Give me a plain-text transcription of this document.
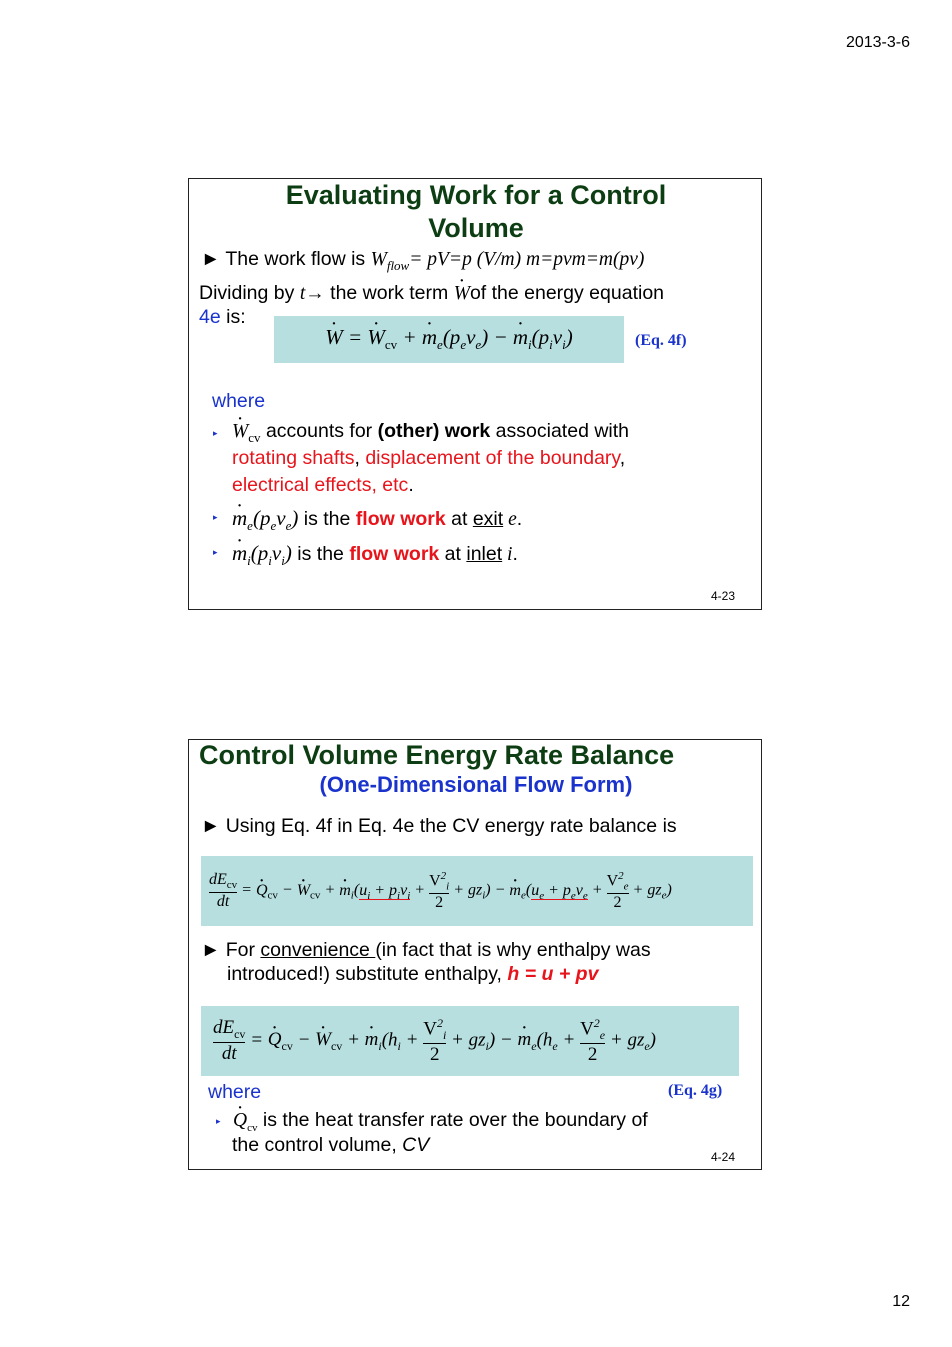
2013-3-6
Evaluating Work for a Control Volume
► The work flow is $W_{flow}= pV=p$ (V/m) m=pvm=m(pv)
Dividing by t→ the work term · Wof the energy equation
4e is:
· W = · $W_{cv}$ + · $m_e(p_ev_e)$ − · $m_i(p_iv_i)$	(Eq. 4f)
where
▸ · $W_{cv}$ accounts for (other) work associated with
rotating shafts, displacement of the boundary,
electrical effects, etc.
▸ · $m_e(p_ev_e)$ is the flow work at exit e.
▸ · $m_i(p_iv_i)$ is the flow work at inlet i.
4-23
Control Volume Energy Rate Balance
(One-Dimensional Flow Form)
► Using Eq. 4f in Eq. 4e the CV energy rate balance is
$dE_{cv}$
dt
= · $Q_{cv}$ − · $W_{cv}$ + · $m_i(u_i + p_iv_i + \frac{V^2_i}{2} + gz_i)$ − · $m_e(u_e + p_ev_e + \frac{V^2_e}{2} + gz_e)$
► For convenience (in fact that is why enthalpy was
introduced!) substitute enthalpy, h = u + pv
$dE_{cv}$
dt
= · $Q_{cv}$ − · $W_{cv}$ + · $m_i(h_i + \frac{V^2_i}{2} + gz_i)$ − · $m_e(h_e + \frac{V^2_e}{2} + gz_e)$
where	(Eq. 4g)
▸ · $Q_{cv}$ is the heat transfer rate over the boundary of
the control volume, CV
4-24
12
